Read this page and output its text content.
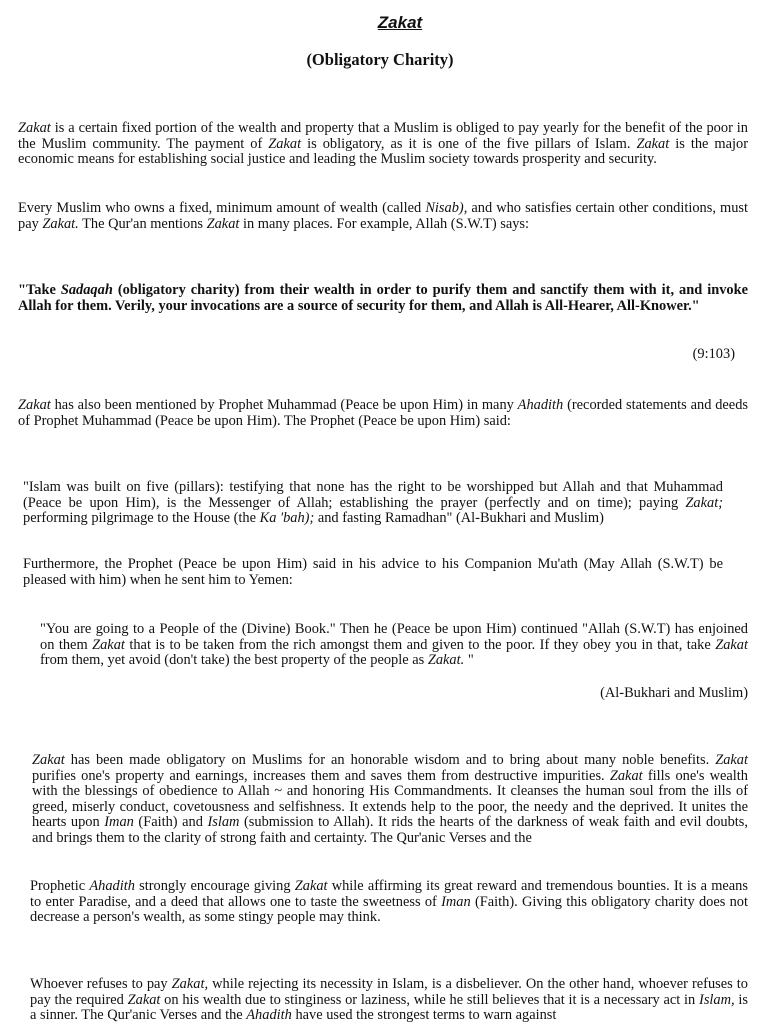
Zakat
(Obligatory Charity)

Zakat is a certain fixed portion of the wealth and property that a Muslim is obliged to pay yearly for the benefit of the poor in the Muslim community. The payment of Zakat is obligatory, as it is one of the five pillars of Islam. Zakat is the major economic means for establishing social justice and leading the Muslim society towards prosperity and security.

Every Muslim who owns a fixed, minimum amount of wealth (called Nisab), and who satisfies certain other conditions, must pay Zakat. The Qur'an mentions Zakat in many places. For example, Allah (S.W.T) says:

"Take Sadaqah (obligatory charity) from their wealth in order to purify them and sanctify them with it, and invoke Allah for them. Verily, your invocations are a source of security for them, and Allah is All-Hearer, All-Knower."

(9:103)

Zakat has also been mentioned by Prophet Muhammad (Peace be upon Him) in many Ahadith (recorded statements and deeds of Prophet Muhammad (Peace be upon Him). The Prophet (Peace be upon Him) said:

"Islam was built on five (pillars): testifying that none has the right to be worshipped but Allah and that Muhammad (Peace be upon Him), is the Messenger of Allah; establishing the prayer (perfectly and on time); paying Zakat; performing pilgrimage to the House (the Ka 'bah); and fasting Ramadhan" (Al-Bukhari and Muslim)

Furthermore, the Prophet (Peace be upon Him) said in his advice to his Companion Mu'ath (May Allah (S.W.T) be pleased with him) when he sent him to Yemen:

"You are going to a People of the (Divine) Book." Then he (Peace be upon Him) continued "Allah (S.W.T) has enjoined on them Zakat that is to be taken from the rich amongst them and given to the poor. If they obey you in that, take Zakat from them, yet avoid (don't take) the best property of the people as Zakat. "

(Al-Bukhari and Muslim)

Zakat has been made obligatory on Muslims for an honorable wisdom and to bring about many noble benefits. Zakat purifies one's property and earnings, increases them and saves them from destructive impurities. Zakat fills one's wealth with the blessings of obedience to Allah ~ and honoring His Commandments. It cleanses the human soul from the ills of greed, miserly conduct, covetousness and selfishness. It extends help to the poor, the needy and the deprived. It unites the hearts upon Iman (Faith) and Islam (submission to Allah). It rids the hearts of the darkness of weak faith and evil doubts, and brings them to the clarity of strong faith and certainty. The Qur'anic Verses and the

Prophetic Ahadith strongly encourage giving Zakat while affirming its great reward and tremendous bounties. It is a means to enter Paradise, and a deed that allows one to taste the sweetness of Iman (Faith). Giving this obligatory charity does not decrease a person's wealth, as some stingy people may think.

Whoever refuses to pay Zakat, while rejecting its necessity in Islam, is a disbeliever. On the other hand, whoever refuses to pay the required Zakat on his wealth due to stinginess or laziness, while he still believes that it is a necessary act in Islam, is a sinner. The Qur'anic Verses and the Ahadith have used the strongest terms to warn against
